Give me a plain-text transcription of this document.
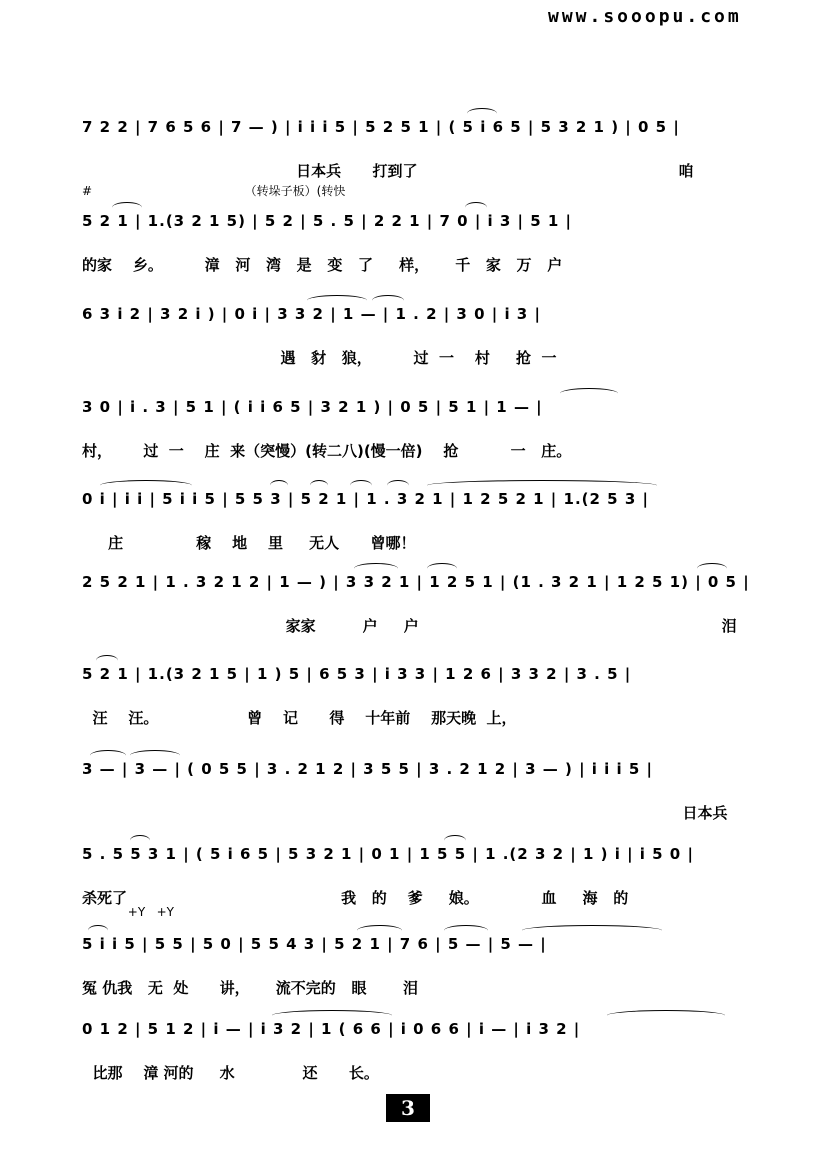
www.sooopu.com
7 2 2 | 7 6 5 6 | 7 — ) | i i i 5 | 5 2 5 1 | ( 5 i 6 5 | 5 3 2 1 ) | 0 5 |
日本兵      打到了                                                  咱
#                                        （转垛子板）(转快
5 2 1 | 1.(3 2 1 5) | 5 2 | 5 . 5 | 2 2 1 | 7 0 | i 3 | 5 1 |
的家    乡。        漳   河   湾   是   变   了     样，     千   家   万   户
6 3 i 2 | 3 2 i ) | 0 i | 3 3 2 | 1 — | 1 . 2 | 3 0 | i 3 |
遇   豺   狼，        过  一    村     抢  一
3 0 | i . 3 | 5 1 | ( i i 6 5 | 3 2 1 ) | 0 5 | 5 1 | 1 — |
村，      过  一    庄  来（突慢）(转二八)(慢一倍)    抢          一   庄。
0 i | i i | 5 i i 5 | 5 5 3 | 5 2 1 | 1 . 3 2 1 | 1 2 5 2 1 | 1.(2 5 3 |
庄              稼    地    里     无人      曾哪！
2 5 2 1 | 1 . 3 2 1 2 | 1 — ) | 3 3 2 1 | 1 2 5 1 | (1 . 3 2 1 | 1 2 5 1) | 0 5 |
家家         户     户                                                          泪
5 2 1 | 1.(3 2 1 5 | 1 ) 5 | 6 5 3 | i 3 3 | 1 2 6 | 3 3 2 | 3 . 5 |
汪    汪。                 曾    记      得    十年前    那天晚  上，
3 — | 3 — | ( 0 5 5 | 3 . 2 1 2 | 3 5 5 | 3 . 2 1 2 | 3 — ) | i i i 5 |
日本兵
5 . 5 5 3 1 | ( 5 i 6 5 | 5 3 2 1 | 0 1 | 1 5 5 | 1 .(2 3 2 | 1 ) i | i 5 0 |
杀死了                                         我   的    爹     娘。            血     海   的
+Y   +Y
5 i i 5 | 5 5 | 5 0 | 5 5 4 3 | 5 2 1 | 7 6 | 5 — | 5 — |
冤 仇我   无  处      讲，     流不完的   眼       泪
0 1 2 | 5 1 2 | i — | i 3 2 | 1 ( 6 6 | i 0 6 6 | i — | i 3 2 |
比那    漳 河的     水             还      长。
3
